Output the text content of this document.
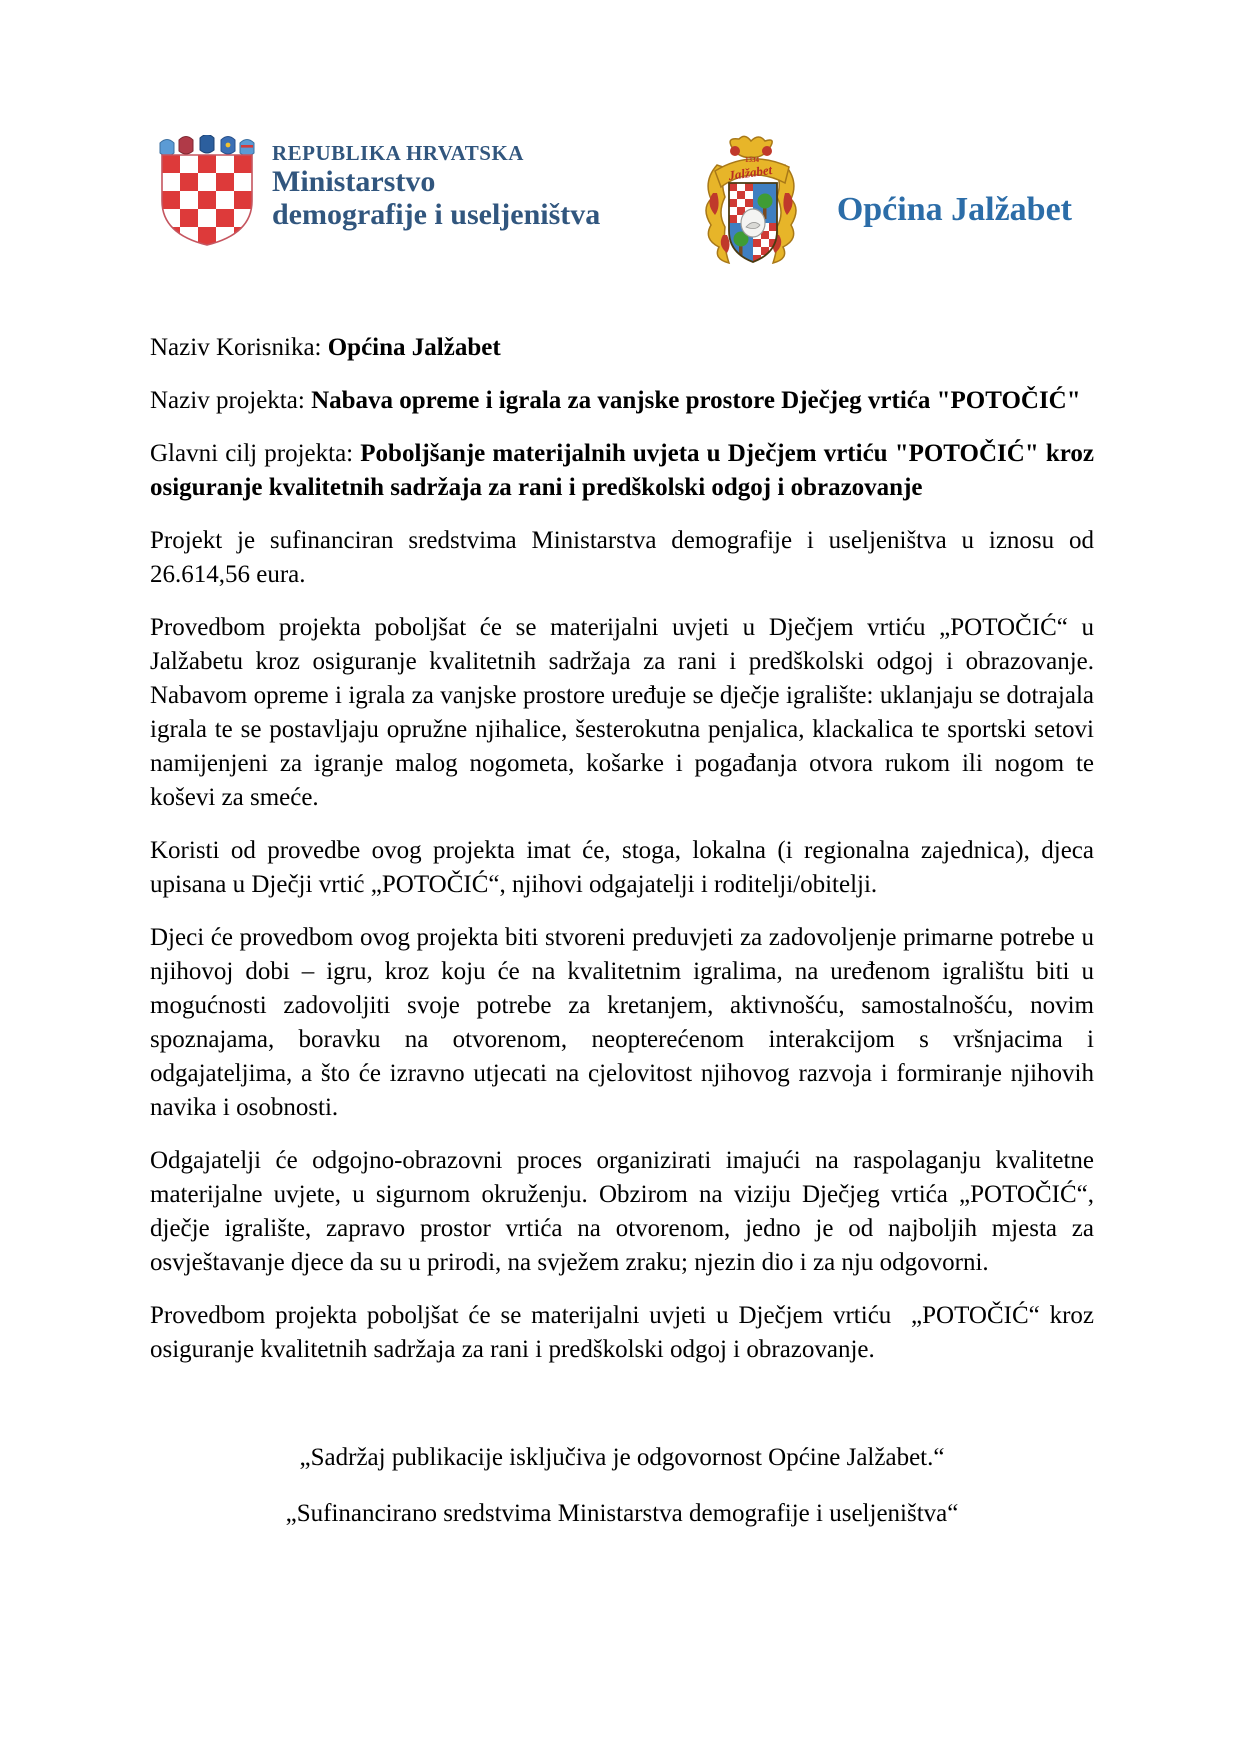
REPUBLIKA HRVATSKA
Ministarstvo
demografije i useljeništva
Jalžabet
1334
Općina Jalžabet

Naziv Korisnika: Općina Jalžabet

Naziv projekta: Nabava opreme i igrala za vanjske prostore Dječjeg vrtića "POTOČIĆ"

Glavni cilj projekta: Poboljšanje materijalnih uvjeta u Dječjem vrtiću "POTOČIĆ" kroz osiguranje kvalitetnih sadržaja za rani i predškolski odgoj i obrazovanje

Projekt je sufinanciran sredstvima Ministarstva demografije i useljeništva u iznosu od 26.614,56 eura.

Provedbom projekta poboljšat će se materijalni uvjeti u Dječjem vrtiću „POTOČIĆ“ u Jalžabetu kroz osiguranje kvalitetnih sadržaja za rani i predškolski odgoj i obrazovanje. Nabavom opreme i igrala za vanjske prostore uređuje se dječje igralište: uklanjaju se dotrajala igrala te se postavljaju opružne njihalice, šesterokutna penjalica, klackalica te sportski setovi namijenjeni za igranje malog nogometa, košarke i pogađanja otvora rukom ili nogom te koševi za smeće.

Koristi od provedbe ovog projekta imat će, stoga, lokalna (i regionalna zajednica), djeca upisana u Dječji vrtić „POTOČIĆ“, njihovi odgajatelji i roditelji/obitelji.

Djeci će provedbom ovog projekta biti stvoreni preduvjeti za zadovoljenje primarne potrebe u njihovoj dobi – igru, kroz koju će na kvalitetnim igralima, na uređenom igralištu biti u mogućnosti zadovoljiti svoje potrebe za kretanjem, aktivnošću, samostalnošću, novim spoznajama, boravku na otvorenom, neopterećenom interakcijom s vršnjacima i odgajateljima, a što će izravno utjecati na cjelovitost njihovog razvoja i formiranje njihovih navika i osobnosti.

Odgajatelji će odgojno-obrazovni proces organizirati imajući na raspolaganju kvalitetne materijalne uvjete, u sigurnom okruženju. Obzirom na viziju Dječjeg vrtića „POTOČIĆ“, dječje igralište, zapravo prostor vrtića na otvorenom, jedno je od najboljih mjesta za osvještavanje djece da su u prirodi, na svježem zraku; njezin dio i za nju odgovorni.

Provedbom projekta poboljšat će se materijalni uvjeti u Dječjem vrtiću  „POTOČIĆ“ kroz osiguranje kvalitetnih sadržaja za rani i predškolski odgoj i obrazovanje.

„Sadržaj publikacije isključiva je odgovornost Općine Jalžabet.“

„Sufinancirano sredstvima Ministarstva demografije i useljeništva“
